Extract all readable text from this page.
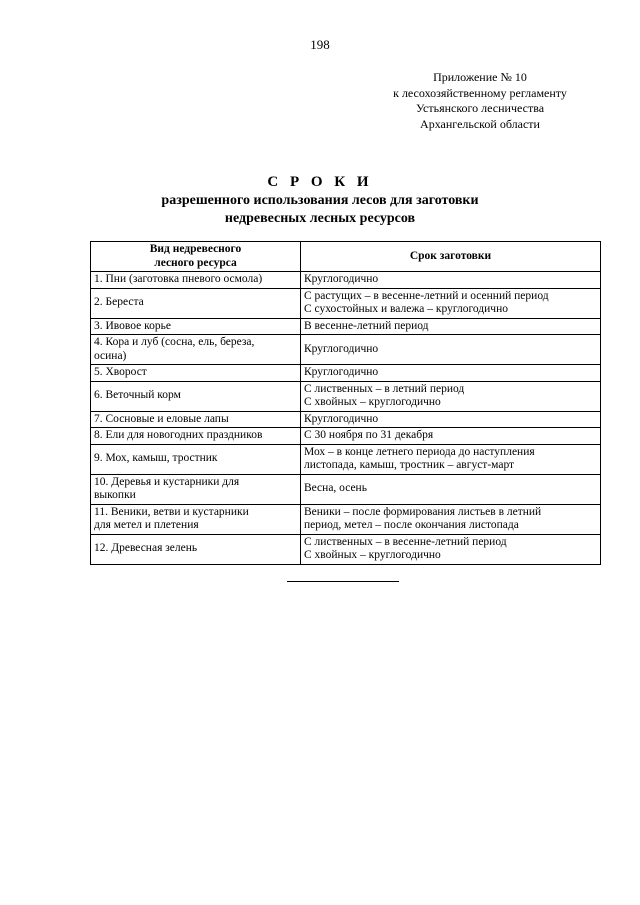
198
Приложение № 10
к лесохозяйственному регламенту
Устьянского лесничества
Архангельской области
С Р О К И
разрешенного использования лесов для заготовки
недревесных лесных ресурсов
Вид недревесного
лесного ресурса	Срок заготовки

1. Пни (заготовка пневого осмола)	Круглогодично

2. Береста	С растущих – в весенне-летний и осенний период
С сухостойных и валежа – круглогодично

3. Ивовое корье	В весенне-летний период

4. Кора и луб (сосна, ель, береза,
осина)	Круглогодично

5. Хворост	Круглогодично

6. Веточный корм	С лиственных – в летний период
С хвойных – круглогодично

7. Сосновые и еловые лапы	Круглогодично

8. Ели для новогодних праздников	С 30 ноября по 31 декабря

9. Мох, камыш, тростник	Мох – в конце летнего периода до наступления
листопада, камыш, тростник – август-март

10. Деревья и кустарники для
выкопки	Весна, осень

11. Веники, ветви и кустарники
для метел и плетения	Веники – после формирования листьев в летний
период, метел – после окончания листопада

12. Древесная зелень	С лиственных – в весенне-летний период
С хвойных – круглогодично
